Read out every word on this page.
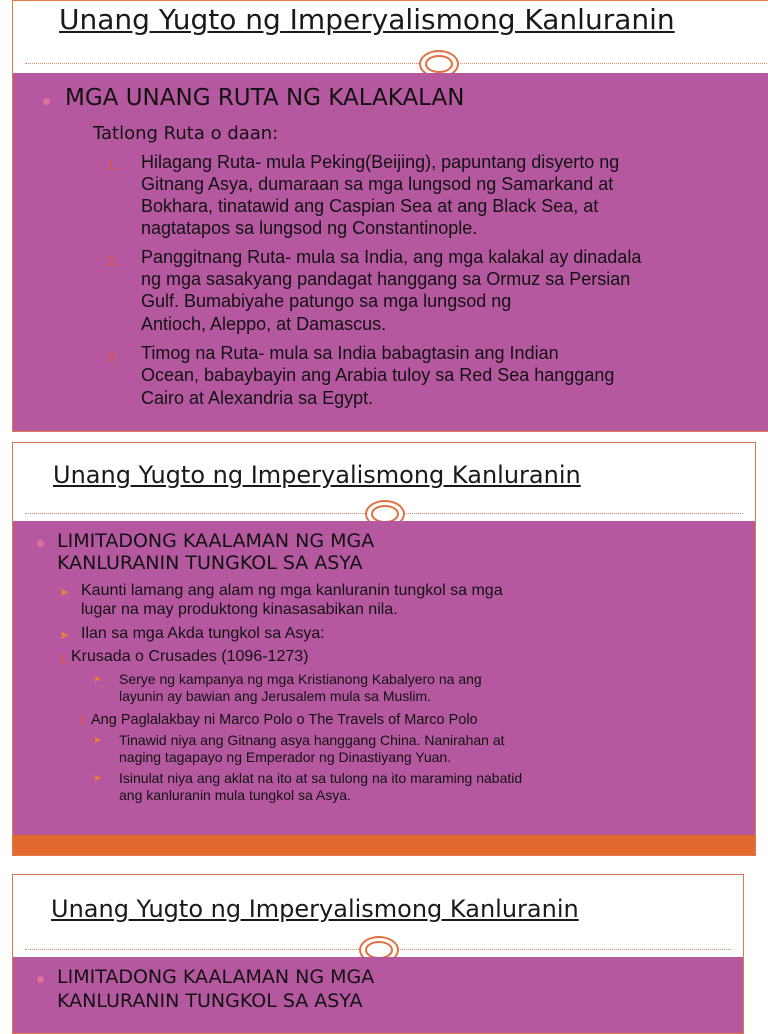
Unang Yugto ng Imperyalismong Kanluranin
MGA UNANG RUTA NG KALAKALAN
Tatlong Ruta o daan:
1. Hilagang Ruta- mula Peking(Beijing), papuntang disyerto ng
Gitnang Asya, dumaraan sa mga lungsod ng Samarkand at
Bokhara, tinatawid ang Caspian Sea at ang Black Sea, at
nagtatapos sa lungsod ng Constantinople.
2. Panggitnang Ruta- mula sa India, ang mga kalakal ay dinadala
ng mga sasakyang pandagat hanggang sa Ormuz sa Persian
Gulf. Bumabiyahe patungo sa mga lungsod ng
Antioch, Aleppo, at Damascus.
3. Timog na Ruta- mula sa India babagtasin ang Indian
Ocean, babaybayin ang Arabia tuloy sa Red Sea hanggang
Cairo at Alexandria sa Egypt.
Unang Yugto ng Imperyalismong Kanluranin
LIMITADONG KAALAMAN NG MGA
KANLURANIN TUNGKOL SA ASYA
➤ Kaunti lamang ang alam ng mga kanluranin tungkol sa mga
lugar na may produktong kinasasabikan nila.
➤ Ilan sa mga Akda tungkol sa Asya:
1. Krusada o Crusades (1096-1273)
➤ Serye ng kampanya ng mga Kristianong Kabalyero na ang
layunin ay bawian ang Jerusalem mula sa Muslim.
2. Ang Paglalakbay ni Marco Polo o The Travels of Marco Polo
➤ Tinawid niya ang Gitnang asya hanggang China. Nanirahan at
naging tagapayo ng Emperador ng Dinastiyang Yuan.
➤ Isinulat niya ang aklat na ito at sa tulong na ito maraming nabatid
ang kanluranin mula tungkol sa Asya.
Unang Yugto ng Imperyalismong Kanluranin
LIMITADONG KAALAMAN NG MGA
KANLURANIN TUNGKOL SA ASYA
